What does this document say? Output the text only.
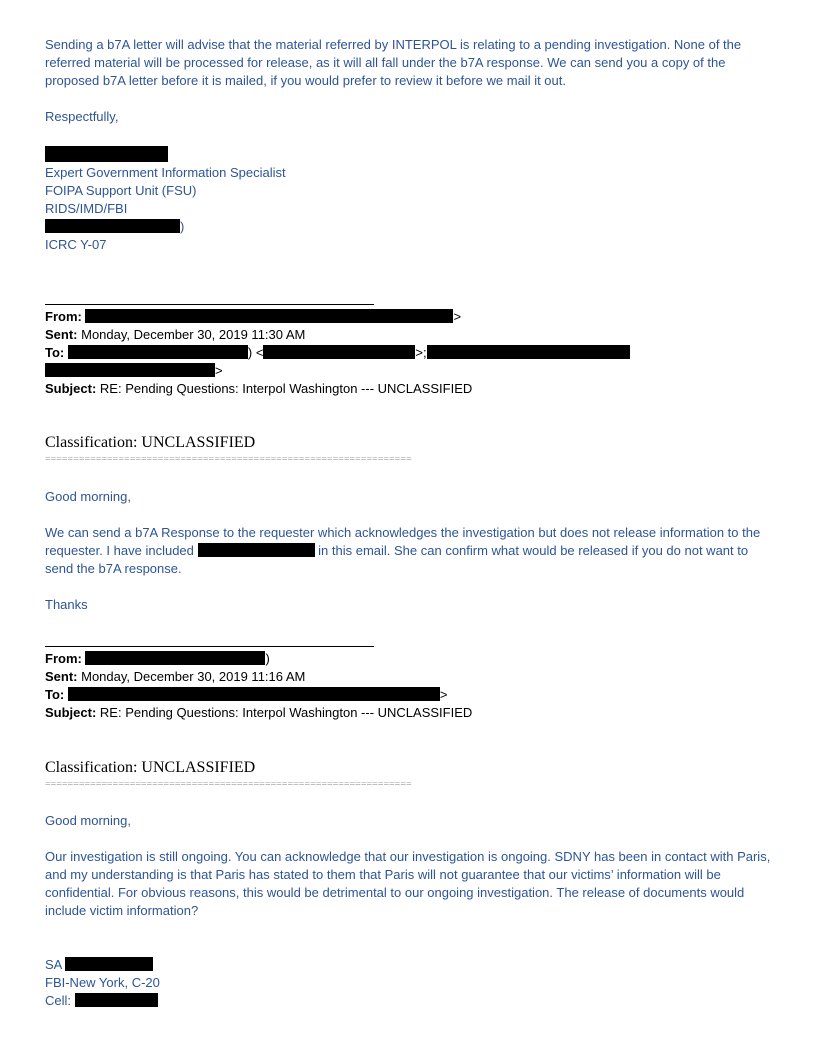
Sending a b7A letter will advise that the material referred by INTERPOL is relating to a pending investigation. None of the referred material will be processed for release, as it will all fall under the b7A response. We can send you a copy of the proposed b7A letter before it is mailed, if you would prefer to review it before we mail it out.
Respectfully,
Expert Government Information Specialist
FOIPA Support Unit (FSU)
RIDS/IMD/FBI
)
ICRC Y-07
From:	>
Sent: Monday, December 30, 2019 11:30 AM
To:	) <	>;
>
Subject: RE: Pending Questions: Interpol Washington --- UNCLASSIFIED
Classification: UNCLASSIFIED
=================================================================
Good morning,
We can send a b7A Response to the requester which acknowledges the investigation but does not release information to the requester. I have included	in this email. She can confirm what would be released if you do not want to send the b7A response.
Thanks
From:	)
Sent: Monday, December 30, 2019 11:16 AM
To:	>
Subject: RE: Pending Questions: Interpol Washington --- UNCLASSIFIED
Classification: UNCLASSIFIED
=================================================================
Good morning,
Our investigation is still ongoing. You can acknowledge that our investigation is ongoing. SDNY has been in contact with Paris, and my understanding is that Paris has stated to them that Paris will not guarantee that our victims’ information will be confidential. For obvious reasons, this would be detrimental to our ongoing investigation. The release of documents would include victim information?
SA
FBI-New York, C-20
Cell:
